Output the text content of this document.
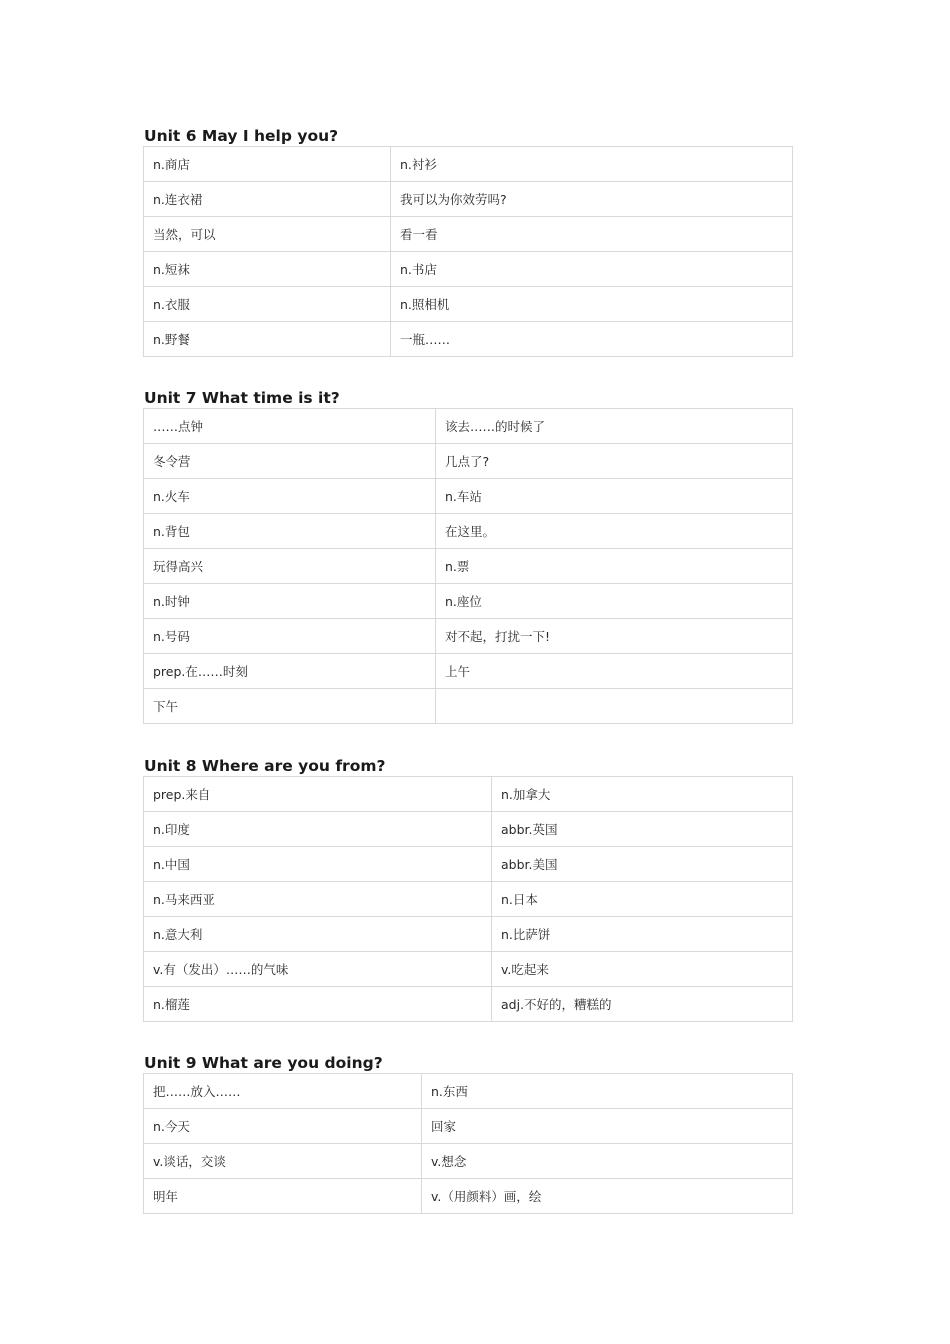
Unit 6 May I help you?
n.商店	n.衬衫
n.连衣裙	我可以为你效劳吗?
当然，可以	看一看
n.短袜	n.书店
n.衣服	n.照相机
n.野餐	一瓶……
Unit 7 What time is it?
……点钟	该去……的时候了
冬令营	几点了?
n.火车	n.车站
n.背包	在这里。
玩得高兴	n.票
n.时钟	n.座位
n.号码	对不起，打扰一下!
prep.在……时刻	上午
下午	
Unit 8 Where are you from?
prep.来自	n.加拿大
n.印度	abbr.英国
n.中国	abbr.美国
n.马来西亚	n.日本
n.意大利	n.比萨饼
v.有（发出）……的气味	v.吃起来
n.榴莲	adj.不好的，糟糕的
Unit 9 What are you doing?
把……放入……	n.东西
n.今天	回家
v.谈话，交谈	v.想念
明年	v.（用颜料）画，绘
